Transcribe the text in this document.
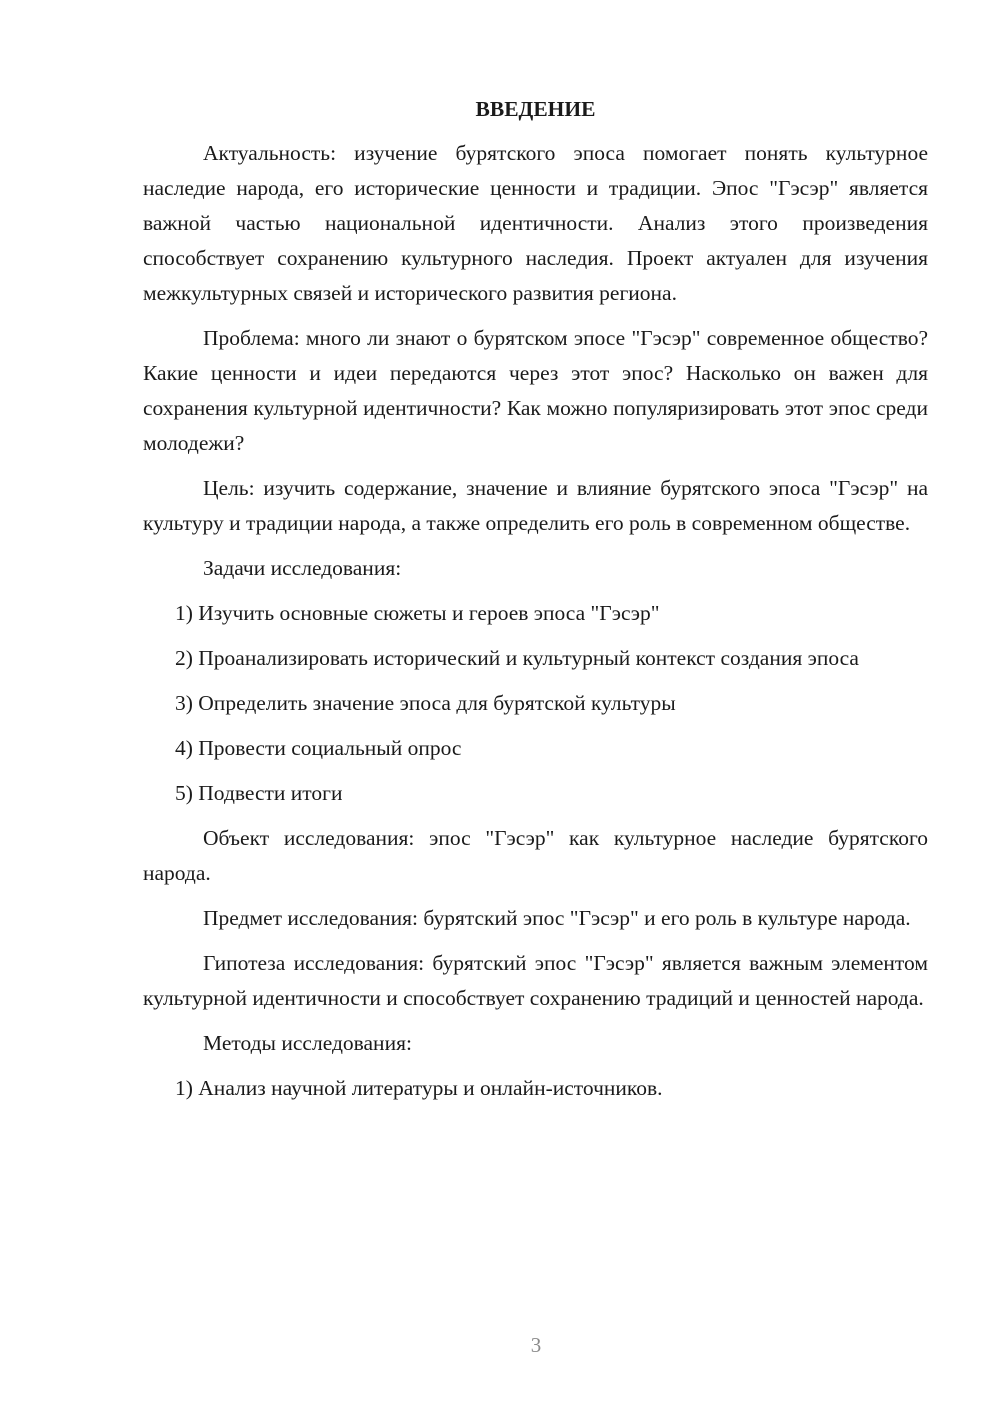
ВВЕДЕНИЕ

Актуальность: изучение бурятского эпоса помогает понять культурное наследие народа, его исторические ценности и традиции. Эпос "Гэсэр" является важной частью национальной идентичности. Анализ этого произведения способствует сохранению культурного наследия. Проект актуален для изучения межкультурных связей и исторического развития региона.

Проблема: много ли знают о бурятском эпосе "Гэсэр" современное общество? Какие ценности и идеи передаются через этот эпос? Насколько он важен для сохранения культурной идентичности? Как можно популяризировать этот эпос среди молодежи?

Цель: изучить содержание, значение и влияние бурятского эпоса "Гэсэр" на культуру и традиции народа, а также определить его роль в современном обществе.

Задачи исследования:

1) Изучить основные сюжеты и героев эпоса "Гэсэр"

2) Проанализировать исторический и культурный контекст создания эпоса

3) Определить значение эпоса для бурятской культуры

4) Провести социальный опрос

5) Подвести итоги

Объект исследования: эпос "Гэсэр" как культурное наследие бурятского народа.

Предмет исследования: бурятский эпос "Гэсэр" и его роль в культуре народа.

Гипотеза исследования: бурятский эпос "Гэсэр" является важным элементом культурной идентичности и способствует сохранению традиций и ценностей народа.

Методы исследования:

1) Анализ научной литературы и онлайн-источников.

3
